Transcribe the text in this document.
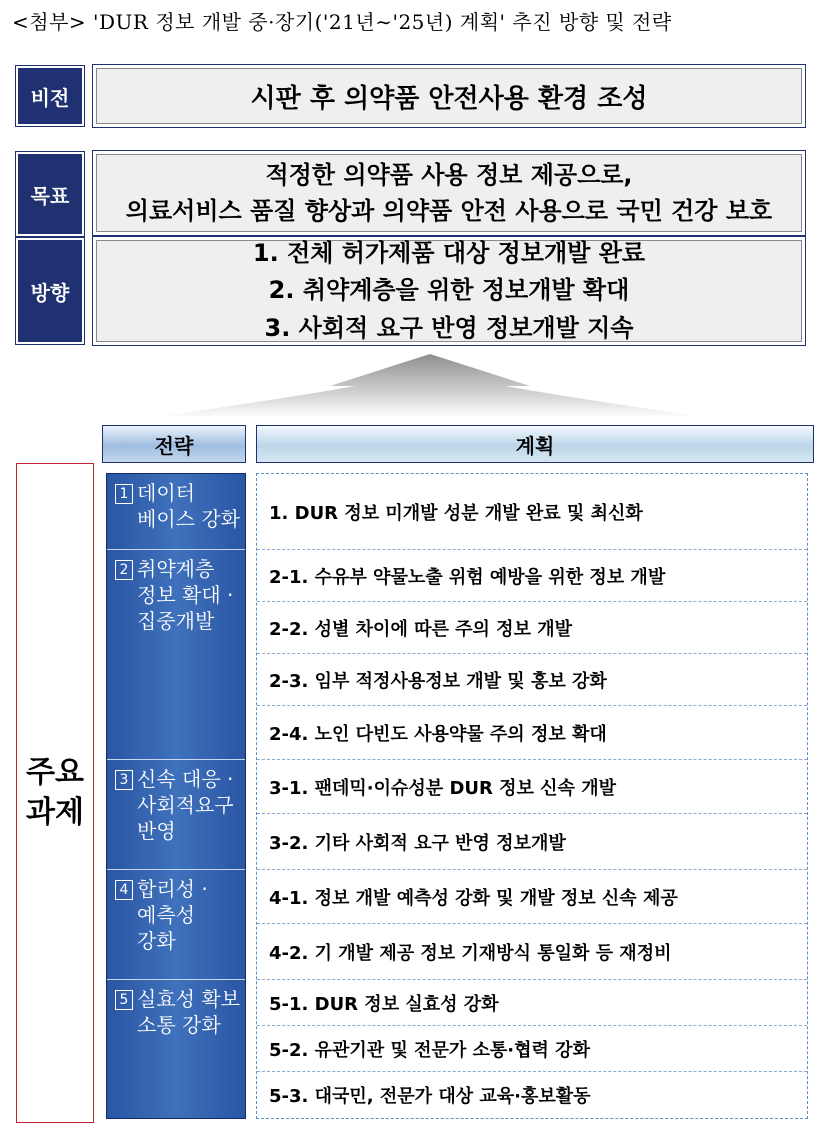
<첨부> 'DUR 정보 개발 중·장기('21년∼'25년) 계획' 추진 방향 및 전략
비전	시판 후 의약품 안전사용 환경 조성
목표
적정한 의약품 사용 정보 제공으로,
의료서비스 품질 향상과 의약품 안전 사용으로 국민 건강 보호
방향
1. 전체 허가제품 대상 정보개발 완료
2. 취약계층을 위한 정보개발 확대
3. 사회적 요구 반영 정보개발 지속
전략	계획
주요
과제
1 데이터
베이스 강화
2 취약계층
정보 확대 ·
집중개발
3 신속 대응 ·
사회적요구
반영
4 합리성 ·
예측성
강화
5 실효성 확보 ·
소통 강화
1. DUR 정보 미개발 성분 개발 완료 및 최신화
2-1. 수유부 약물노출 위험 예방을 위한 정보 개발
2-2. 성별 차이에 따른 주의 정보 개발
2-3. 임부 적정사용정보 개발 및 홍보 강화
2-4. 노인 다빈도 사용약물 주의 정보 확대
3-1. 팬데믹·이슈성분 DUR 정보 신속 개발
3-2. 기타 사회적 요구 반영 정보개발
4-1. 정보 개발 예측성 강화 및 개발 정보 신속 제공
4-2. 기 개발 제공 정보 기재방식 통일화 등 재정비
5-1. DUR 정보 실효성 강화
5-2. 유관기관 및 전문가 소통·협력 강화
5-3. 대국민, 전문가 대상 교육·홍보활동
